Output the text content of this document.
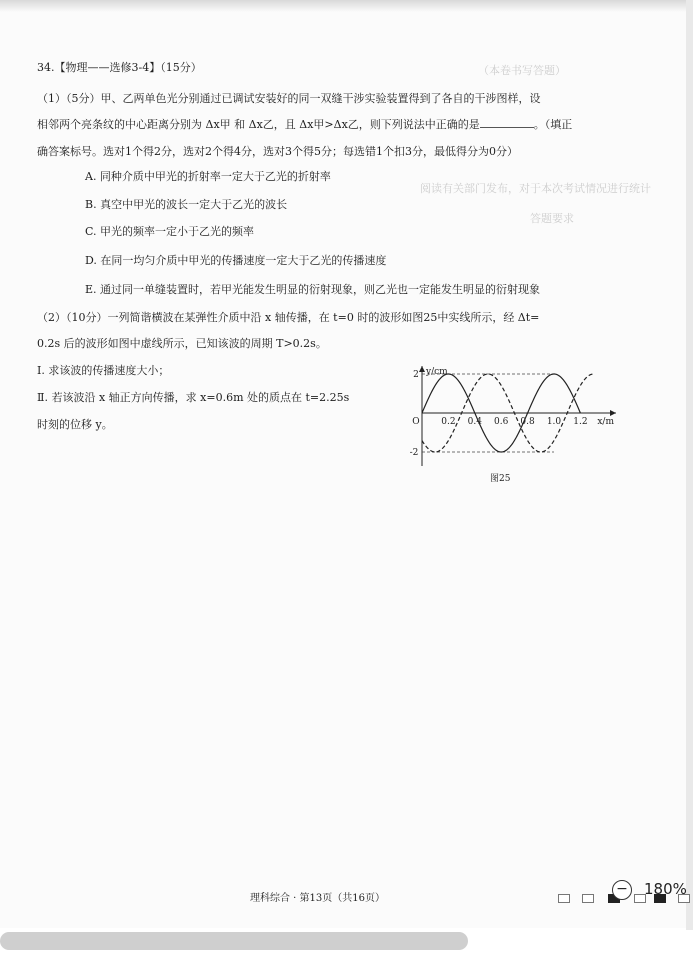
（本卷书写答题）
阅读有关部门发布，对于本次考试情况进行统计
答题要求
34.【物理——选修3-4】（15分）
（1）（5分）甲、乙两单色光分别通过已调试安装好的同一双缝干涉实验装置得到了各自的干涉图样，设
相邻两个亮条纹的中心距离分别为 Δx甲 和 Δx乙，且 Δx甲>Δx乙，则下列说法中正确的是	。（填正
确答案标号。选对1个得2分，选对2个得4分，选对3个得5分；每选错1个扣3分，最低得分为0分）
A. 同种介质中甲光的折射率一定大于乙光的折射率
B. 真空中甲光的波长一定大于乙光的波长
C. 甲光的频率一定小于乙光的频率
D. 在同一均匀介质中甲光的传播速度一定大于乙光的传播速度
E. 通过同一单缝装置时，若甲光能发生明显的衍射现象，则乙光也一定能发生明显的衍射现象
（2）（10分）一列简谐横波在某弹性介质中沿 x 轴传播，在 t=0 时的波形如图25中实线所示，经 Δt=
0.2s 后的波形如图中虚线所示，已知该波的周期 T>0.2s。
Ⅰ. 求该波的传播速度大小；
Ⅱ. 若该波沿 x 轴正方向传播，求 x=0.6m 处的质点在 t=2.25s
时刻的位移 y。
y/cm
x/m
O
2
-2
0.2 0.4 0.6 0.8 1.0 1.2
图25
理科综合 · 第13页（共16页）
− 180%
